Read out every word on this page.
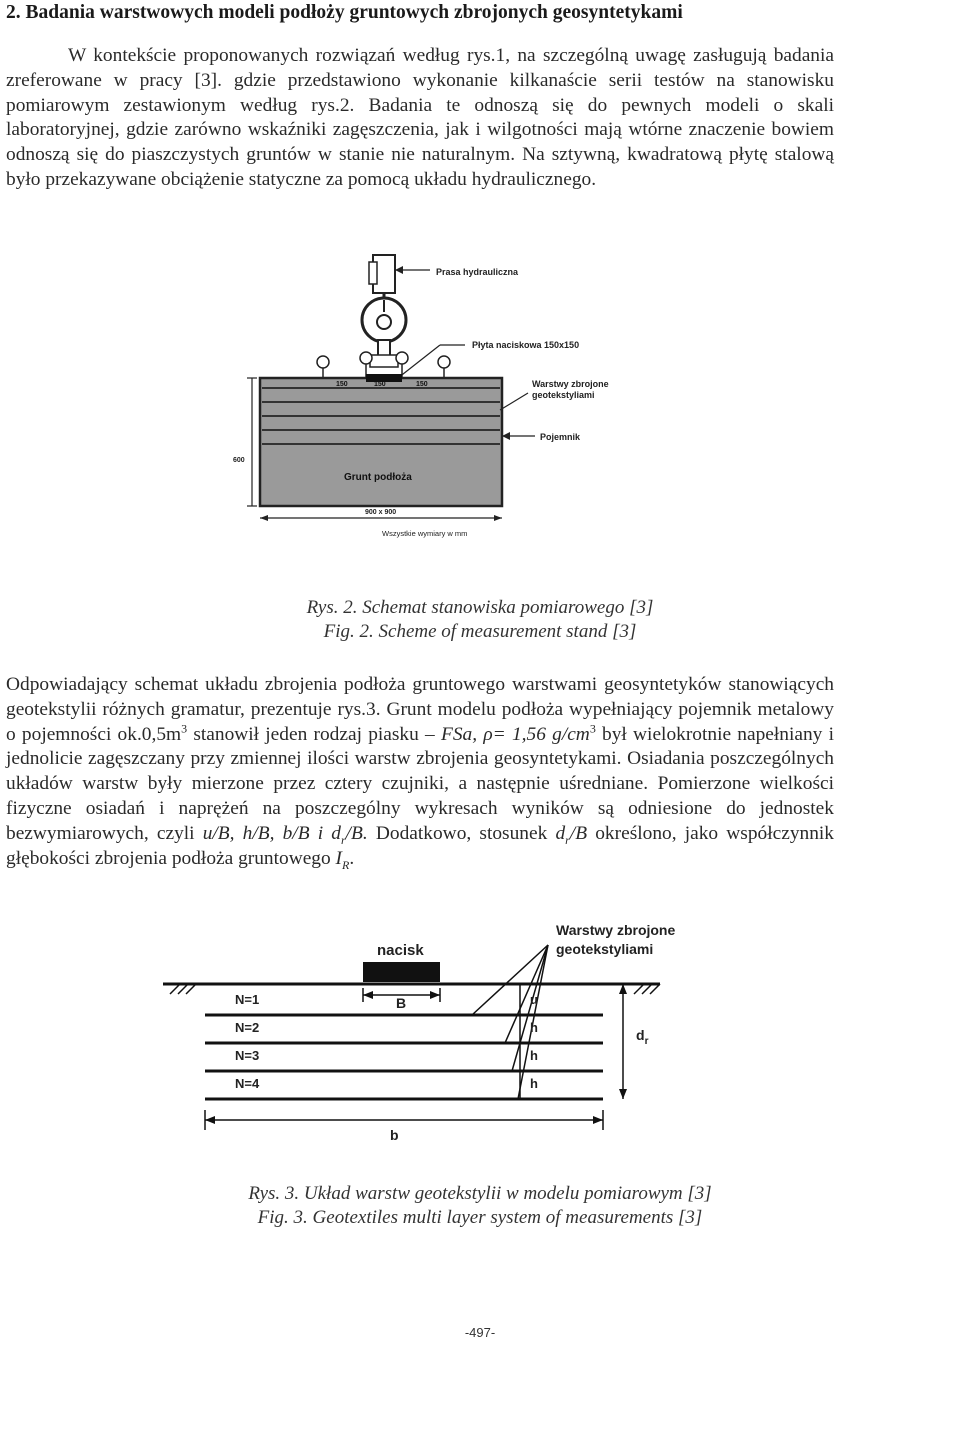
2. Badania warstwowych modeli podłoży gruntowych zbrojonych geosyntetykami

W kontekście proponowanych rozwiązań według rys.1, na szczególną uwagę zasługują badania zreferowane w pracy [3]. gdzie przedstawiono wykonanie kilkanaście serii testów na stanowisku pomiarowym zestawionym według rys.2. Badania te odnoszą się do pewnych modeli o skali laboratoryjnej, gdzie zarówno wskaźniki zagęszczenia, jak i wilgotności mają wtórne znaczenie bowiem odnoszą się do piaszczystych gruntów w stanie nie naturalnym. Na sztywną, kwadratową płytę stalową było przekazywane obciążenie statyczne za pomocą układu hydraulicznego.

Prasa hydrauliczna
Płyta naciskowa 150x150
150	150	150	Warstwy zbrojone
geotekstyliami
Pojemnik
Grunt podłoża
600
900 x 900
Wszystkie wymiary w mm
Rys. 2. Schemat stanowiska pomiarowego [3]
Fig. 2. Scheme of measurement stand [3]

Odpowiadający schemat układu zbrojenia podłoża gruntowego warstwami geosyntetyków stanowiących geotekstylii różnych gramatur, prezentuje rys.3. Grunt modelu podłoża wypełniający pojemnik metalowy o pojemności $ok.0,5m^3$ stanowił jeden rodzaj piasku – FSa, ρ= 1,56 $g/cm^3$ był wielokrotnie napełniany i jednolicie zagęszczany przy zmiennej ilości warstw zbrojenia geosyntetykami. Osiadania poszczególnych układów warstw były mierzone przez cztery czujniki, a następnie uśredniane. Pomierzone wielkości fizyczne osiadań i naprężeń na poszczególny wykresach wyników są odniesione do jednostek bezwymiarowych, czyli u/B, h/B, b/B i $d_r/B$. Dodatkowo, stosunek $d_r/B$ określono, jako współczynnik głębokości zbrojenia podłoża gruntowego $I_R$.

nacisk
Warstwy zbrojone
geotekstyliami
N=1
N=2
N=3
N=4
B	u
h
h
h
$d_r$
b
Rys. 3. Układ warstw geotekstylii w modelu pomiarowym [3]
Fig. 3. Geotextiles multi layer system of measurements [3]
-497-
